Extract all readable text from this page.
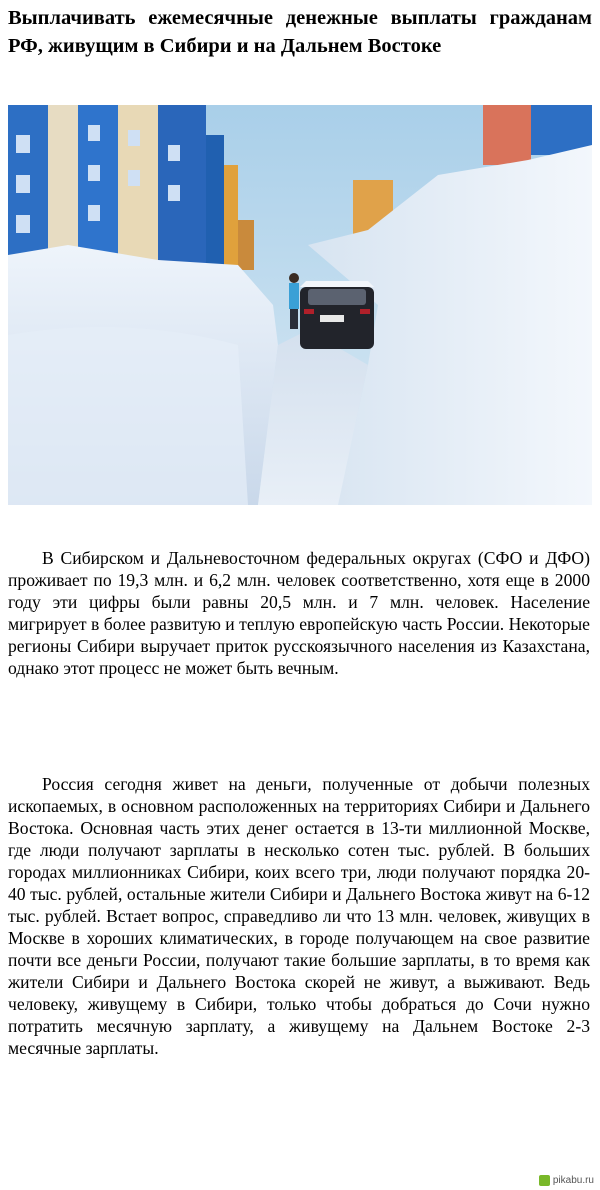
Выплачивать ежемесячные денежные выплаты гражданам РФ, живущим в Сибири и на Дальнем Востоке

В Сибирском и Дальневосточном федеральных округах (СФО и ДФО) проживает по 19,3 млн. и 6,2 млн. человек соответственно, хотя еще в 2000 году эти цифры были равны 20,5 млн. и 7 млн. человек. Население мигрирует в более развитую и теплую европейскую часть России. Некоторые регионы Сибири выручает приток русскоязычного населения из Казахстана, однако этот процесс не может быть вечным.

Россия сегодня живет на деньги, полученные от добычи полезных ископаемых, в основном расположенных на территориях Сибири и Дальнего Востока. Основная часть этих денег остается в 13-ти миллионной Москве, где люди получают зарплаты в несколько сотен тыс. рублей. В больших городах миллионниках Сибири, коих всего три, люди получают порядка 20-40 тыс. рублей, остальные жители Сибири и Дальнего Востока живут на 6-12 тыс. рублей. Встает вопрос, справедливо ли что 13 млн. человек, живущих в Москве в хороших климатических, в городе получающем на свое развитие почти все деньги России, получают такие большие зарплаты, в то время как жители Сибири и Дальнего Востока скорей не живут, а выживают. Ведь человеку, живущему в Сибири, только чтобы добраться до Сочи нужно потратить месячную зарплату, а живущему на Дальнем Востоке 2-3 месячные зарплаты.

pikabu.ru
